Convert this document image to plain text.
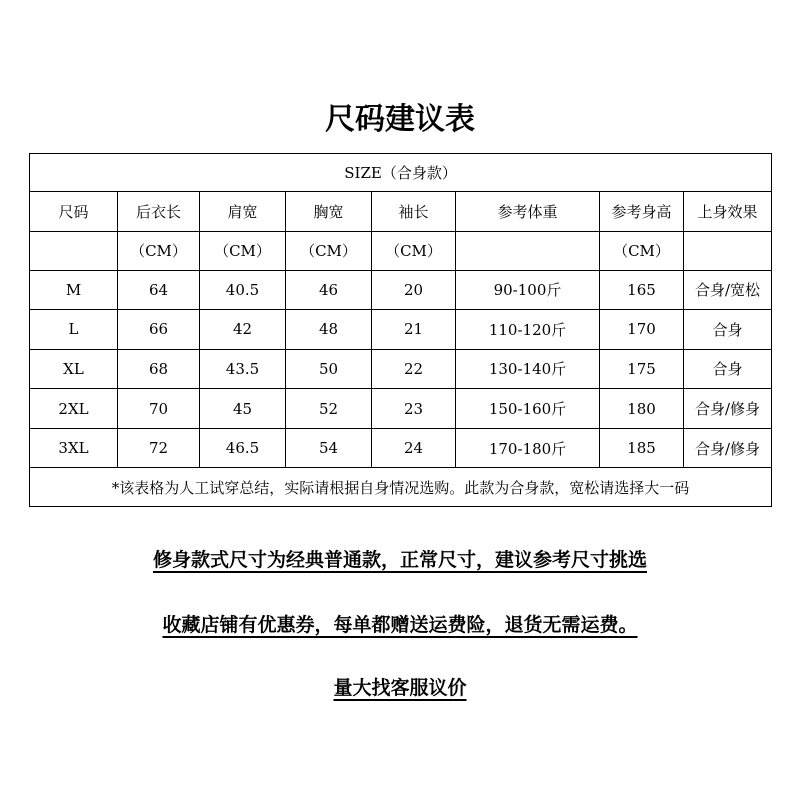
尺码建议表
SIZE（合身款）							
尺码	后衣长	肩宽	胸宽	袖长	参考体重	参考身高	上身效果
	（CM）	（CM）	（CM）	（CM）		（CM）	
M	64	40.5	46	20	90-100斤	165	合身/宽松
L	66	42	48	21	110-120斤	170	合身
XL	68	43.5	50	22	130-140斤	175	合身
2XL	70	45	52	23	150-160斤	180	合身/修身
3XL	72	46.5	54	24	170-180斤	185	合身/修身
*该表格为人工试穿总结，实际请根据自身情况选购。此款为合身款，宽松请选择大一码							
修身款式尺寸为经典普通款，正常尺寸，建议参考尺寸挑选
收藏店铺有优惠券，每单都赠送运费险，退货无需运费。
量大找客服议价
